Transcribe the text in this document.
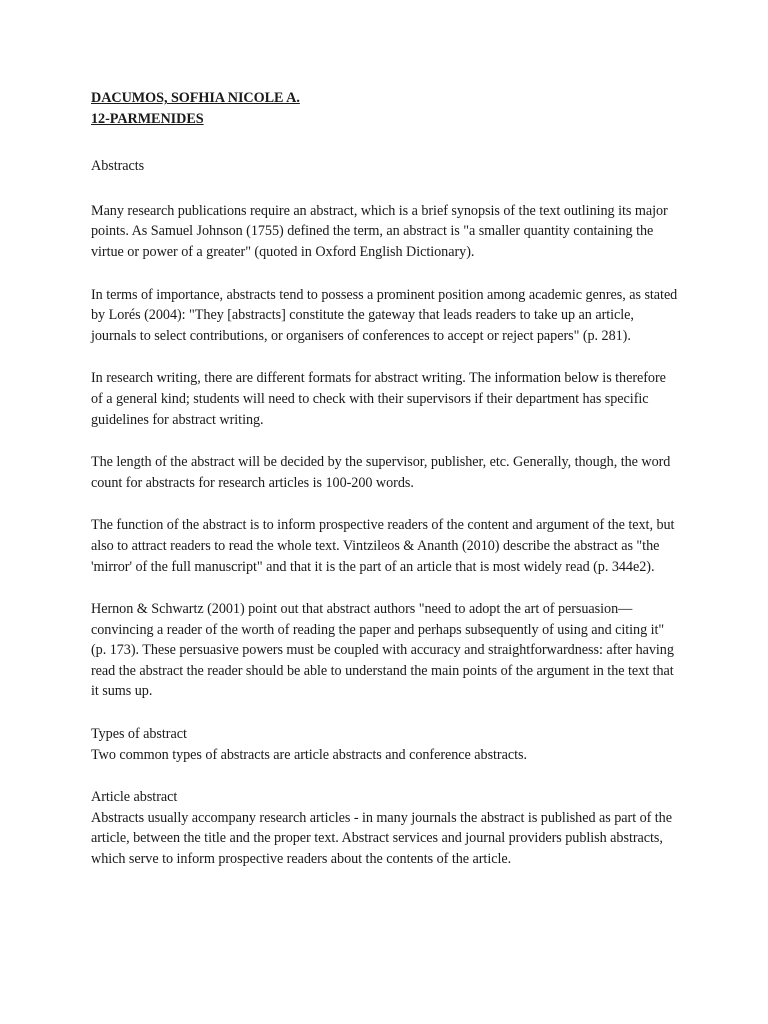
DACUMOS, SOFHIA NICOLE A.

12-PARMENIDES

Abstracts

Many research publications require an abstract, which is a brief synopsis of the text outlining its major points. As Samuel Johnson (1755) defined the term, an abstract is "a smaller quantity containing the virtue or power of a greater" (quoted in Oxford English Dictionary).

In terms of importance, abstracts tend to possess a prominent position among academic genres, as stated by Lorés (2004): "They [abstracts] constitute the gateway that leads readers to take up an article, journals to select contributions, or organisers of conferences to accept or reject papers" (p. 281).

In research writing, there are different formats for abstract writing. The information below is therefore of a general kind; students will need to check with their supervisors if their department has specific guidelines for abstract writing.

The length of the abstract will be decided by the supervisor, publisher, etc. Generally, though, the word count for abstracts for research articles is 100-200 words.

The function of the abstract is to inform prospective readers of the content and argument of the text, but also to attract readers to read the whole text. Vintzileos & Ananth (2010) describe the abstract as "the 'mirror' of the full manuscript" and that it is the part of an article that is most widely read (p. 344e2).

Hernon & Schwartz (2001) point out that abstract authors "need to adopt the art of persuasion—convincing a reader of the worth of reading the paper and perhaps subsequently of using and citing it" (p. 173). These persuasive powers must be coupled with accuracy and straightforwardness: after having read the abstract the reader should be able to understand the main points of the argument in the text that it sums up.

Types of abstract

Two common types of abstracts are article abstracts and conference abstracts.

Article abstract

Abstracts usually accompany research articles - in many journals the abstract is published as part of the article, between the title and the proper text. Abstract services and journal providers publish abstracts, which serve to inform prospective readers about the contents of the article.
